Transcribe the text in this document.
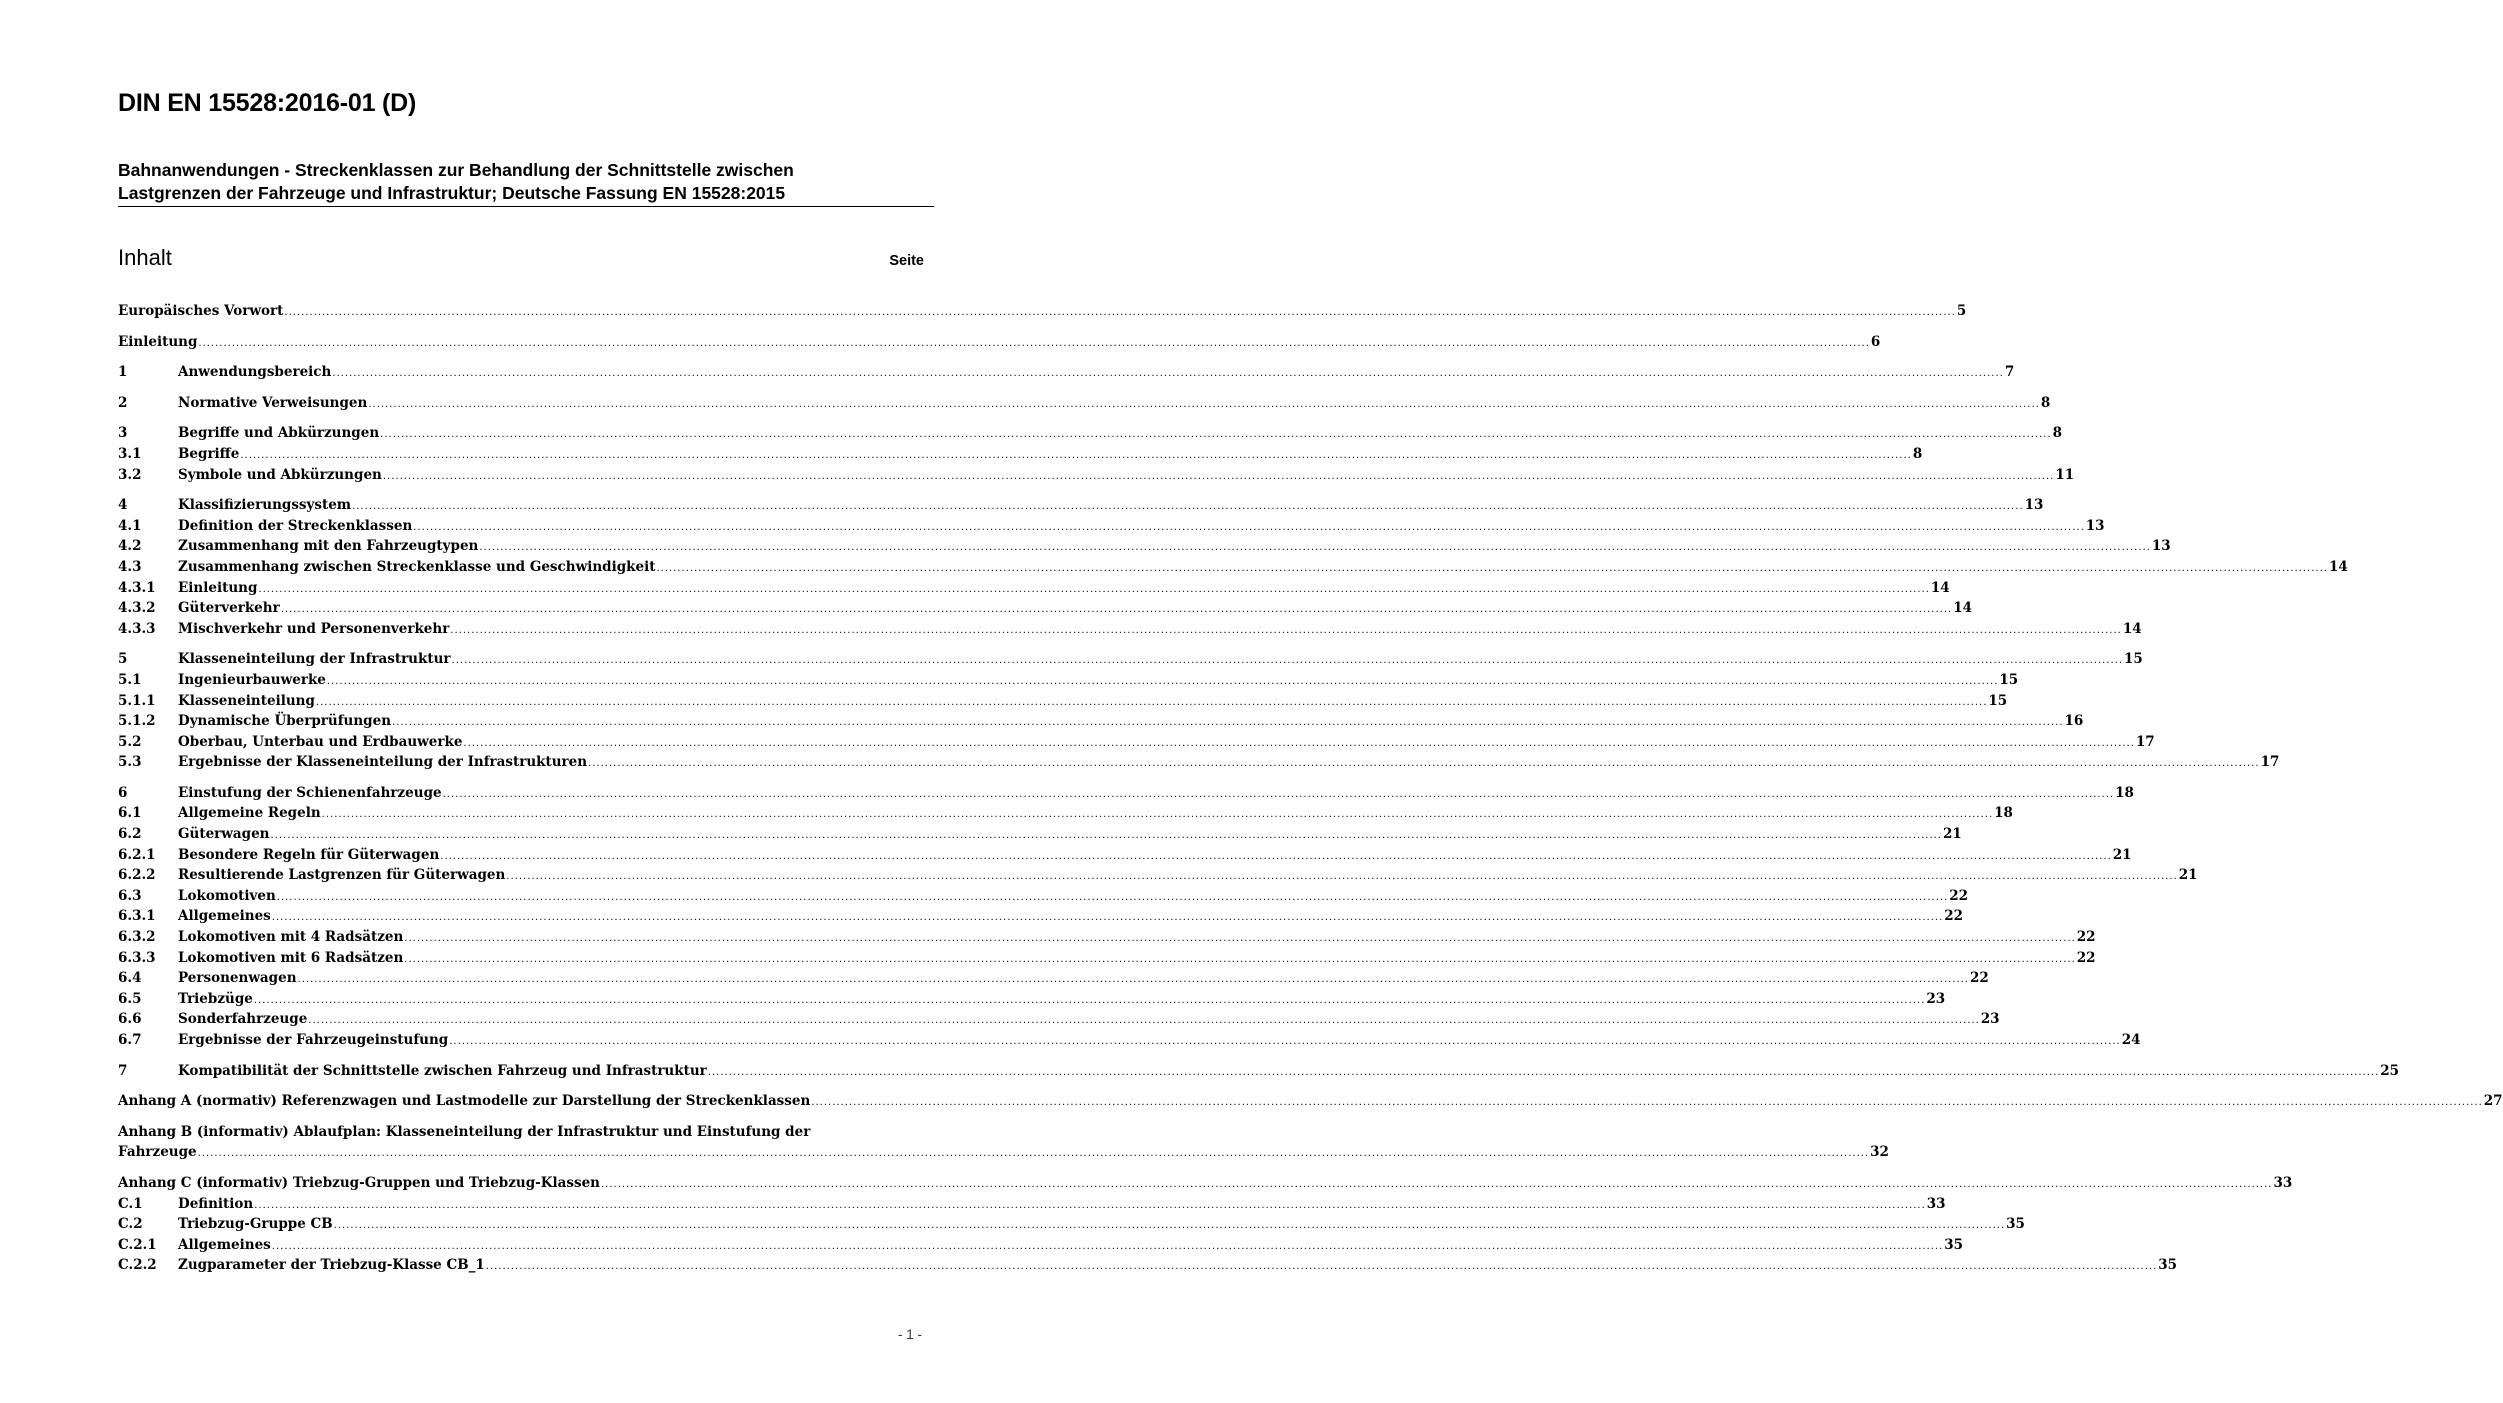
DIN EN 15528:2016-01 (D)
Bahnanwendungen - Streckenklassen zur Behandlung der Schnittstelle zwischen
Lastgrenzen der Fahrzeuge und Infrastruktur; Deutsche Fassung EN 15528:2015
Inhalt	Seite
Europäisches Vorwort ................................................................................................................................................................................................................................................................................................................................................................................................................ 5
Einleitung ................................................................................................................................................................................................................................................................................................................................................................................................................ 6
1	Anwendungsbereich ................................................................................................................................................................................................................................................................................................................................................................................................................ 7
2	Normative Verweisungen ................................................................................................................................................................................................................................................................................................................................................................................................................ 8
3	Begriffe und Abkürzungen ................................................................................................................................................................................................................................................................................................................................................................................................................ 8
3.1	Begriffe ................................................................................................................................................................................................................................................................................................................................................................................................................ 8
3.2	Symbole und Abkürzungen ................................................................................................................................................................................................................................................................................................................................................................................................................ 11
4	Klassifizierungssystem ................................................................................................................................................................................................................................................................................................................................................................................................................ 13
4.1	Definition der Streckenklassen ................................................................................................................................................................................................................................................................................................................................................................................................................ 13
4.2	Zusammenhang mit den Fahrzeugtypen ................................................................................................................................................................................................................................................................................................................................................................................................................ 13
4.3	Zusammenhang zwischen Streckenklasse und Geschwindigkeit ................................................................................................................................................................................................................................................................................................................................................................................................................ 14
4.3.1	Einleitung ................................................................................................................................................................................................................................................................................................................................................................................................................ 14
4.3.2	Güterverkehr ................................................................................................................................................................................................................................................................................................................................................................................................................ 14
4.3.3	Mischverkehr und Personenverkehr ................................................................................................................................................................................................................................................................................................................................................................................................................ 14
5	Klasseneinteilung der Infrastruktur ................................................................................................................................................................................................................................................................................................................................................................................................................ 15
5.1	Ingenieurbauwerke ................................................................................................................................................................................................................................................................................................................................................................................................................ 15
5.1.1	Klasseneinteilung ................................................................................................................................................................................................................................................................................................................................................................................................................ 15
5.1.2	Dynamische Überprüfungen ................................................................................................................................................................................................................................................................................................................................................................................................................ 16
5.2	Oberbau, Unterbau und Erdbauwerke ................................................................................................................................................................................................................................................................................................................................................................................................................ 17
5.3	Ergebnisse der Klasseneinteilung der Infrastrukturen ................................................................................................................................................................................................................................................................................................................................................................................................................ 17
6	Einstufung der Schienenfahrzeuge ................................................................................................................................................................................................................................................................................................................................................................................................................ 18
6.1	Allgemeine Regeln ................................................................................................................................................................................................................................................................................................................................................................................................................ 18
6.2	Güterwagen ................................................................................................................................................................................................................................................................................................................................................................................................................ 21
6.2.1	Besondere Regeln für Güterwagen ................................................................................................................................................................................................................................................................................................................................................................................................................ 21
6.2.2	Resultierende Lastgrenzen für Güterwagen ................................................................................................................................................................................................................................................................................................................................................................................................................ 21
6.3	Lokomotiven ................................................................................................................................................................................................................................................................................................................................................................................................................ 22
6.3.1	Allgemeines ................................................................................................................................................................................................................................................................................................................................................................................................................ 22
6.3.2	Lokomotiven mit 4 Radsätzen ................................................................................................................................................................................................................................................................................................................................................................................................................ 22
6.3.3	Lokomotiven mit 6 Radsätzen ................................................................................................................................................................................................................................................................................................................................................................................................................ 22
6.4	Personenwagen ................................................................................................................................................................................................................................................................................................................................................................................................................ 22
6.5	Triebzüge ................................................................................................................................................................................................................................................................................................................................................................................................................ 23
6.6	Sonderfahrzeuge ................................................................................................................................................................................................................................................................................................................................................................................................................ 23
6.7	Ergebnisse der Fahrzeugeinstufung ................................................................................................................................................................................................................................................................................................................................................................................................................ 24
7	Kompatibilität der Schnittstelle zwischen Fahrzeug und Infrastruktur ................................................................................................................................................................................................................................................................................................................................................................................................................ 25
Anhang A (normativ) Referenzwagen und Lastmodelle zur Darstellung der Streckenklassen ................................................................................................................................................................................................................................................................................................................................................................................................................ 27
Anhang B (informativ) Ablaufplan: Klasseneinteilung der Infrastruktur und Einstufung der
Fahrzeuge ................................................................................................................................................................................................................................................................................................................................................................................................................ 32
Anhang C (informativ) Triebzug-Gruppen und Triebzug-Klassen ................................................................................................................................................................................................................................................................................................................................................................................................................ 33
C.1	Definition ................................................................................................................................................................................................................................................................................................................................................................................................................ 33
C.2	Triebzug-Gruppe CB ................................................................................................................................................................................................................................................................................................................................................................................................................ 35
C.2.1	Allgemeines ................................................................................................................................................................................................................................................................................................................................................................................................................ 35
C.2.2	Zugparameter der Triebzug-Klasse CB_1 ................................................................................................................................................................................................................................................................................................................................................................................................................ 35
- 1 -
